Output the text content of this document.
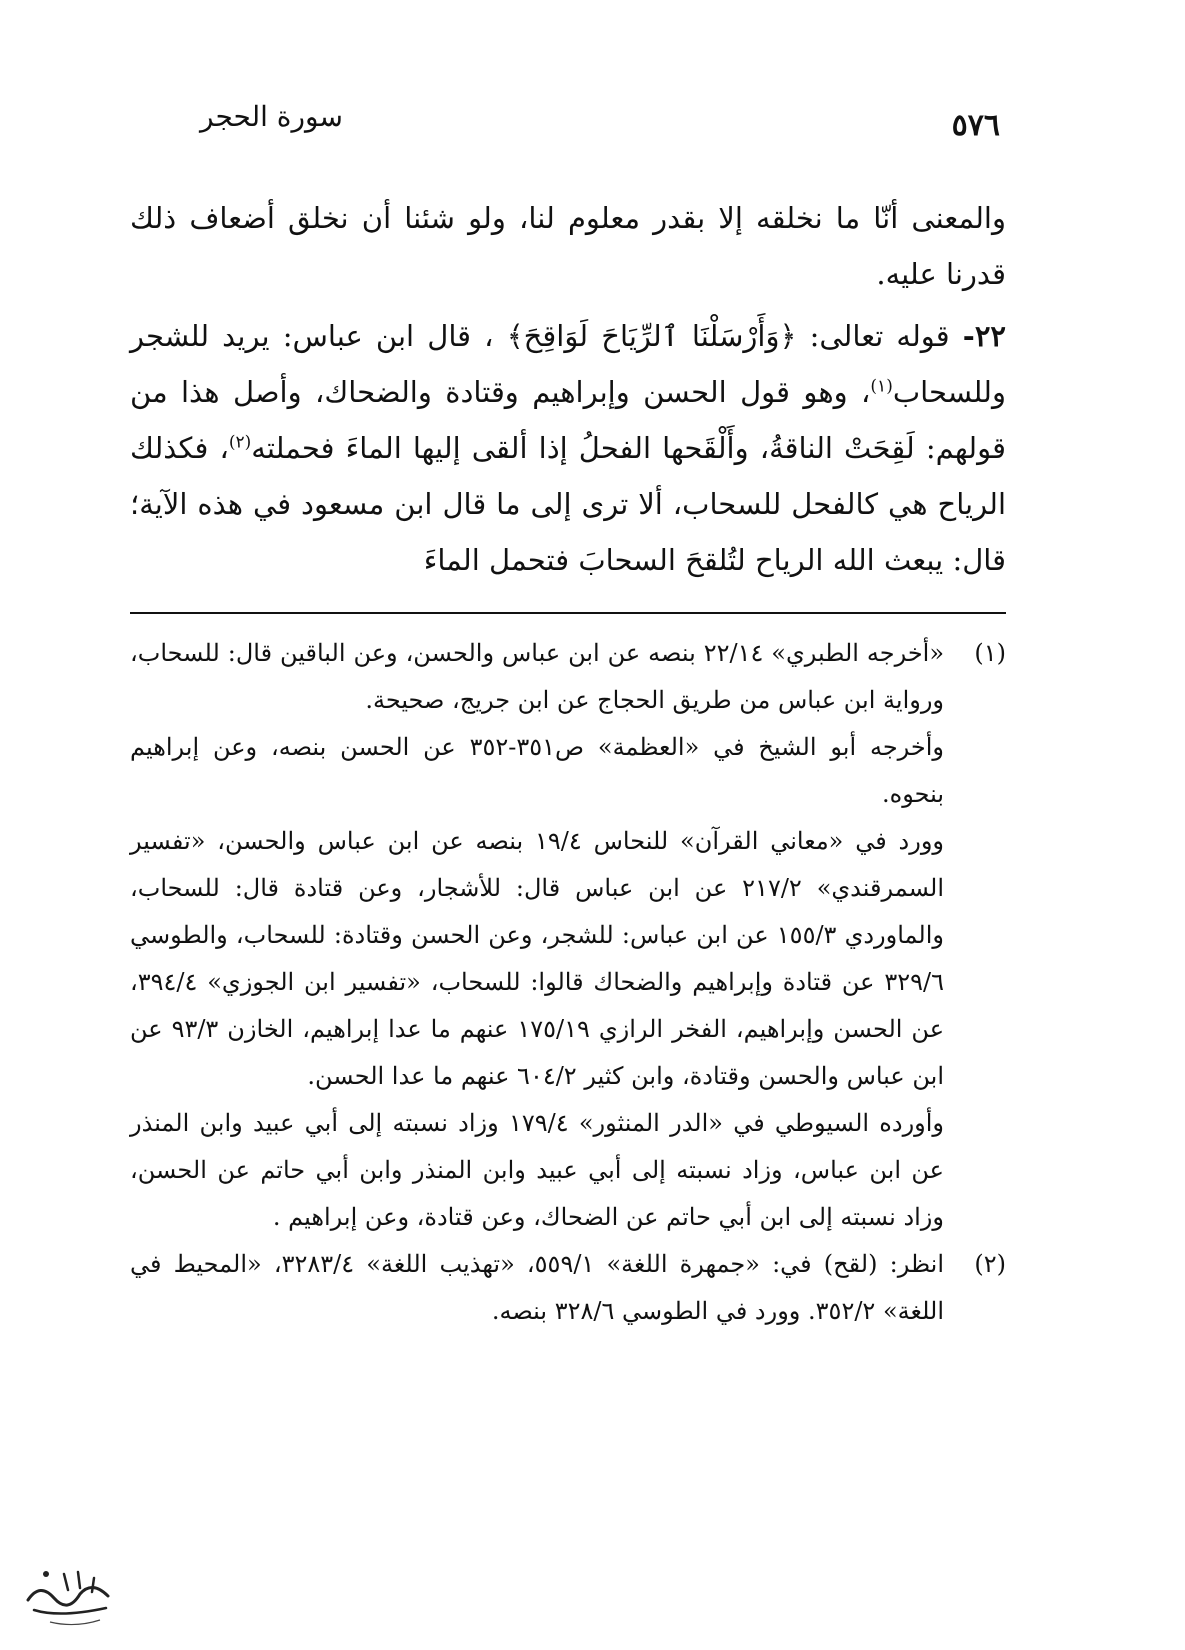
٥٧٦
سورة الحجر

والمعنى أنّا ما نخلقه إلا بقدر معلوم لنا، ولو شئنا أن نخلق أضعاف ذلك قدرنا عليه.

٢٢- قوله تعالى: ﴿وَأَرْسَلْنَا ٱلرِّيَاحَ لَوَاقِحَ﴾ ، قال ابن عباس: يريد للشجر وللسحاب$^{(١)}$، وهو قول الحسن وإبراهيم وقتادة والضحاك، وأصل هذا من قولهم: لَقِحَتْ الناقةُ، وأَلْقَحها الفحلُ إذا ألقى إليها الماءَ فحملته$^{(٢)}$، فكذلك الرياح هي كالفحل للسحاب، ألا ترى إلى ما قال ابن مسعود في هذه الآية؛ قال: يبعث الله الرياح لتُلقحَ السحابَ فتحمل الماءَ

(١)

«أخرجه الطبري» ٢٢/١٤ بنصه عن ابن عباس والحسن، وعن الباقين قال: للسحاب، ورواية ابن عباس من طريق الحجاج عن ابن جريج، صحيحة.

وأخرجه أبو الشيخ في «العظمة» ص٣٥١-٣٥٢ عن الحسن بنصه، وعن إبراهيم بنحوه.

وورد في «معاني القرآن» للنحاس ١٩/٤ بنصه عن ابن عباس والحسن، «تفسير السمرقندي» ٢١٧/٢ عن ابن عباس قال: للأشجار، وعن قتادة قال: للسحاب، والماوردي ١٥٥/٣ عن ابن عباس: للشجر، وعن الحسن وقتادة: للسحاب، والطوسي ٣٢٩/٦ عن قتادة وإبراهيم والضحاك قالوا: للسحاب، «تفسير ابن الجوزي» ٣٩٤/٤، عن الحسن وإبراهيم، الفخر الرازي ١٧٥/١٩ عنهم ما عدا إبراهيم، الخازن ٩٣/٣ عن ابن عباس والحسن وقتادة، وابن كثير ٦٠٤/٢ عنهم ما عدا الحسن.

وأورده السيوطي في «الدر المنثور» ١٧٩/٤ وزاد نسبته إلى أبي عبيد وابن المنذر عن ابن عباس، وزاد نسبته إلى أبي عبيد وابن المنذر وابن أبي حاتم عن الحسن، وزاد نسبته إلى ابن أبي حاتم عن الضحاك، وعن قتادة، وعن إبراهيم .

(٢)

انظر: (لقح) في: «جمهرة اللغة» ٥٥٩/١، «تهذيب اللغة» ٣٢٨٣/٤، «المحيط في اللغة» ٣٥٢/٢. وورد في الطوسي ٣٢٨/٦ بنصه.
